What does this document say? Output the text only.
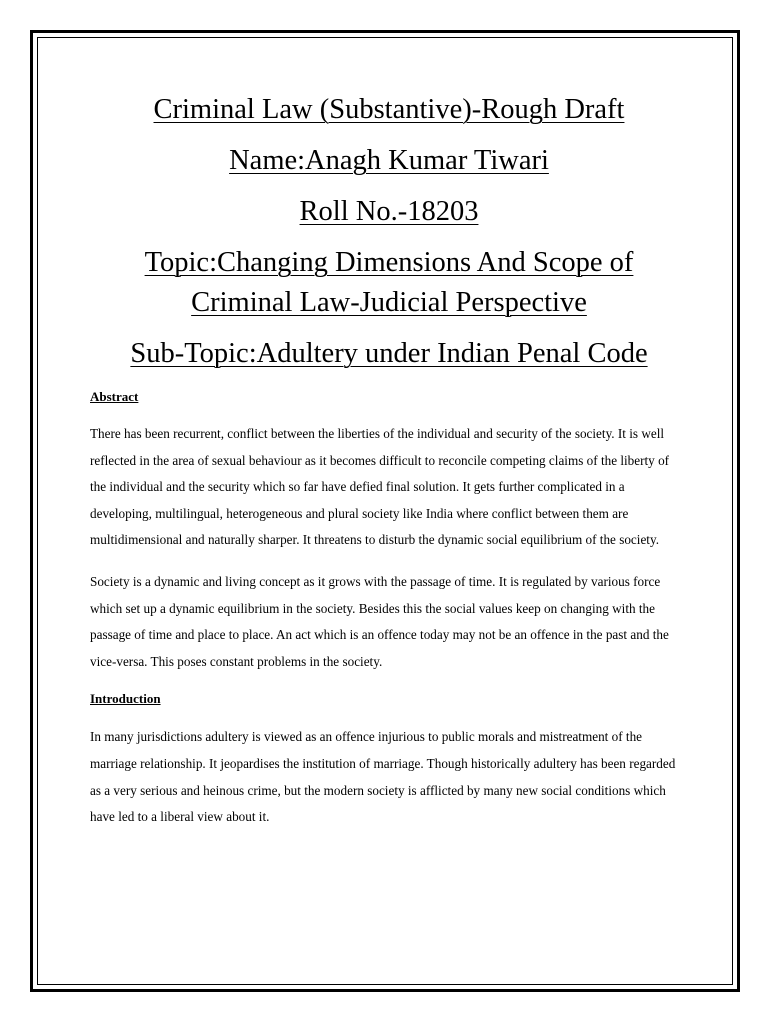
Criminal Law (Substantive)-Rough Draft

Name:Anagh Kumar Tiwari

Roll No.-18203

Topic:Changing Dimensions And Scope of

Criminal Law-Judicial Perspective

Sub-Topic:Adultery under Indian Penal Code

Abstract

There has been recurrent, conflict between the liberties of the individual and security of the society. It is well reflected in the area of sexual behaviour as it becomes difficult to reconcile competing claims of the liberty of the individual and the security which so far have defied final solution. It gets further complicated in a developing, multilingual, heterogeneous and plural society like India where conflict between them are multidimensional and naturally sharper. It threatens to disturb the dynamic social equilibrium of the society.

Society is a dynamic and living concept as it grows with the passage of time. It is regulated by various force which set up a dynamic equilibrium in the society. Besides this the social values keep on changing with the passage of time and place to place. An act which is an offence today may not be an offence in the past and the vice-versa. This poses constant problems in the society.

Introduction

In many jurisdictions adultery is viewed as an offence injurious to public morals and mistreatment of the marriage relationship. It jeopardises the institution of marriage. Though historically adultery has been regarded as a very serious and heinous crime, but the modern society is afflicted by many new social conditions which have led to a liberal view about it.
